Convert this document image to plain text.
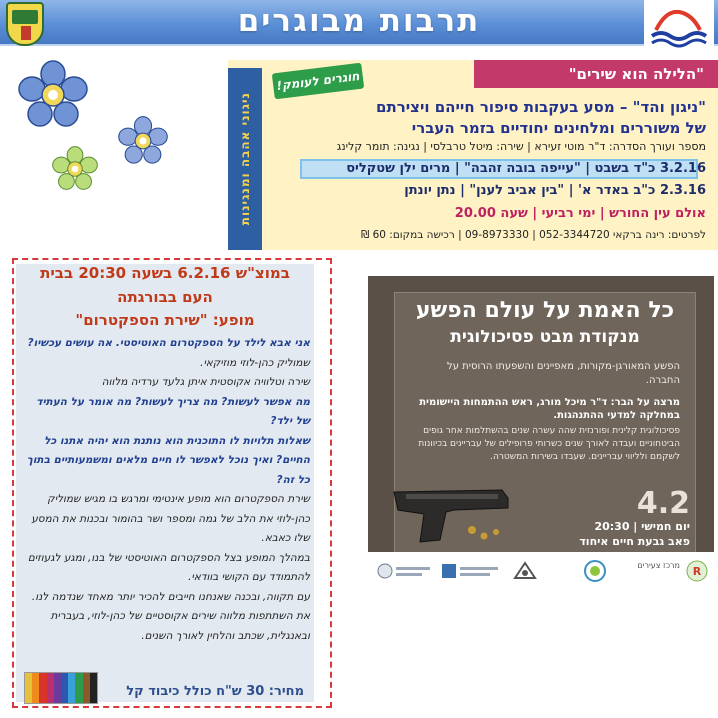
תרבות מבוגרים
ניגוני אהבה ומנגינות
חוגרים לעומק!	"הלילה הוא שירים"
"ניגון והד" – מסע בעקבות סיפור חייהם ויצירתם
של משוררים ומלחינים יחודיים בזמר העברי
מספר ועורך הסדרה: ד"ר מוטי זעירא | שירה: מיטל טרבלסי | נגינה: תומר קלינג
3.2.16 כ"ד בשבט | "עייפה בובה זהבה" | מרים ילן שטקליס
2.3.16 כ"ב באדר א' | "בין אביב לענן" | נתן יונתן
אולם עין החורש | ימי רביעי | שעה 20.00
לפרטים: רינה ברקאי 052-3344720 | 09-8973330 | רכישה במקום: 60 ₪
במוצ"ש 6.2.16 בשעה 20:30 בבית
העם בבורגתה
מופע: "שירת הספקטרום"

אני אבא לילד על הספקטרום האוטיסטי. אה עושים עכשיו?

שמוליק כהן-לוזי מוזיקאי.

שירה וטלוויה אקוסטית איתן גלעד ערדיה מלווה

מה אפשר לעשות? מה צריך לעשות? מה אומר על העתיד של ילד?

שאלות תלויות לו התוכנית הוא נותנת הוא יהיה אתנו כל החיים? ואיך נוכל לאפשר לו חיים מלאים ומשמעותיים בתוך כל זה?

שירת הספקטרום הוא מופע אינטימי ומרגש בו מגיש שמוליק כהן-לוזי את הלב של גמה ומספר ושר בהומור ובכנות את המסע שלו כאבא.

במהלך המופע בצל הספקטרום האוטיסטי של בנו, ומגע לגעוזים להתמודד עם הקושי בוודאי.

עם תקווה, ובכנה שאנחנו חייבים להכיר יותר מאחד שנדמה לנו.

את השתתפות מלווה שירים אקוסטיים של כהן-לוזי, בעברית ובאנגלית, שכתב והלחין לאורך השנים.

מחיר: 30 ש"ח כולל כיבוד קל
כל האמת על עולם הפשע
מנקודת מבט פסיכולוגית
הפשע המאורגן-מקורות, מאפיינים והשפעתו הרוסית על החברה.
מרצה על הבר: ד"ר מיכל מורג, ראש ההתמחות היישומית במחלקה למדעי ההתנהגות.
פסיכולוגית קלינית ופורנזית שהה עשרה שנים בהשתלמות אחר גופים הביטחוניים ועבדה לאורך שנים כשרותי פרופילים של עבריינים בכיוונות לשקמם ולליווי עבריינים. שעבדו בשירות המשטרה.
4.2
יום חמישי | 20:30
פאב גבעת חיים איחוד
R
מרכז צעירים
